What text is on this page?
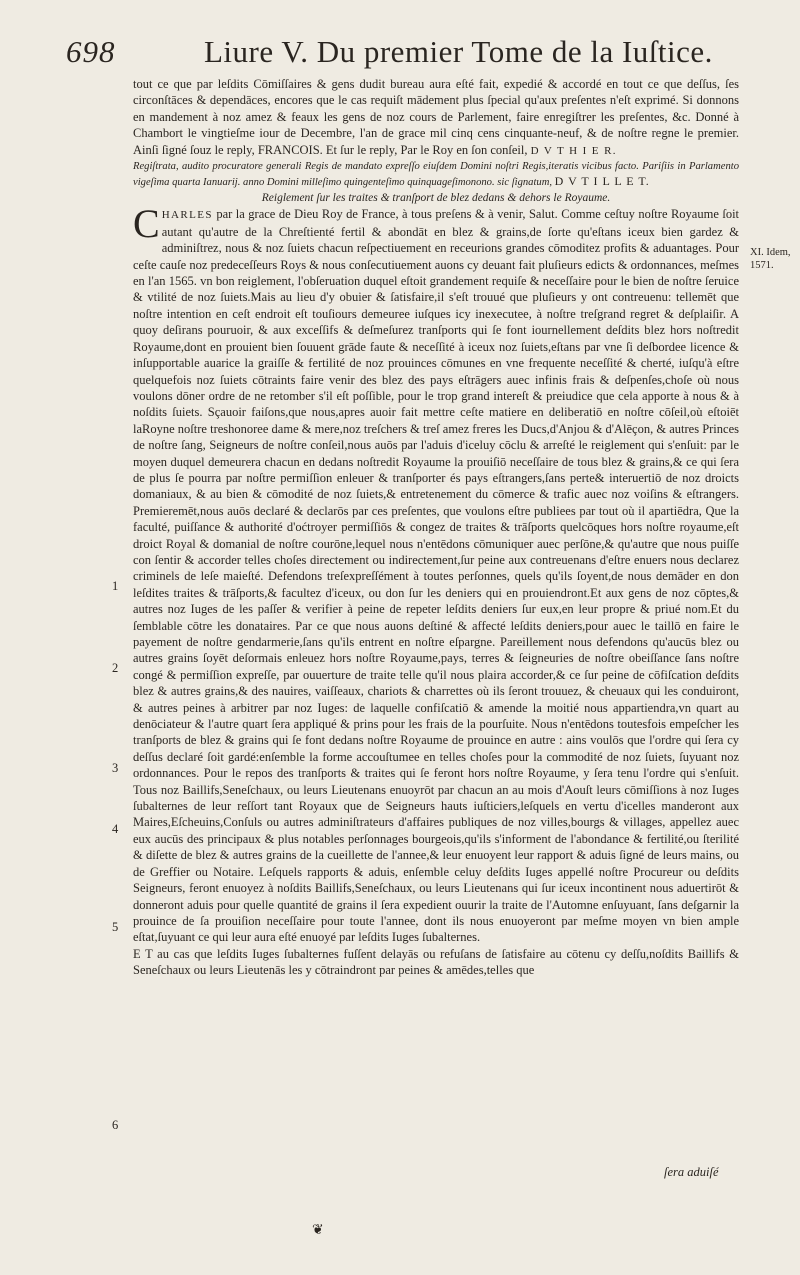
698	Liure V. Du premier Tome de la Iuſtice.
XI. Idem, 1571.
1
2
3
4
5
6

tout ce que par leſdits Cōmiſſaires & gens dudit bureau aura eſté fait, expedié & accordé en tout ce que deſſus, ſes circonſtāces & dependāces, encores que le cas requiſt mādement plus ſpecial qu'aux preſentes n'eſt exprimé. Si donnons en mandement à noz amez & feaux les gens de noz cours de Parlement, faire enregiſtrer les preſentes, &c. Donné à Chambort le vingtieſme iour de Decembre, l'an de grace mil cinq cens cinquante-neuf, & de noſtre regne le premier. Ainſi ſigné ſouz le reply, FRANCOIS. Et ſur le reply, Par le Roy en ſon conſeil, D V T H I E R.

Regiſtrata, audito procuratore generali Regis de mandato expreſſo eiuſdem Domini noſtri Regis,iteratis vicibus facto. Pariſiis in Parlamento vigeſima quarta Ianuarij. anno Domini milleſimo quingenteſimo quinquageſimonono. sic ſignatum, D V T I L L E T.

Reiglement ſur les traites & tranſport de blez dedans & dehors le Royaume.

C HARLES par la grace de Dieu Roy de France, à tous preſens & à venir, Salut. Comme ceſtuy noſtre Royaume ſoit autant qu'autre de la Chreſtienté fertil & abondāt en blez & grains,de ſorte qu'eſtans iceux bien gardez & adminiſtrez, nous & noz ſuiets chacun reſpectiuement en receurions grandes cōmoditez profits & aduantages. Pour ceſte cauſe noz predeceſſeurs Roys & nous conſecutiuement auons cy deuant fait pluſieurs edicts & ordonnances, meſmes en l'an 1565. vn bon reiglement, l'obſeruation duquel eſtoit grandement requiſe & neceſſaire pour le bien de noſtre ſeruice & vtilité de noz ſuiets.Mais au lieu d'y obuier & ſatisfaire,il s'eſt trouué que pluſieurs y ont contreuenu: tellemēt que noſtre intention en ceſt endroit eſt touſiours demeuree iuſques icy inexecutee, à noſtre treſgrand regret & deſplaiſir. A quoy deſirans pouruoir, & aux exceſſifs & deſmeſurez tranſports qui ſe font iournellement deſdits blez hors noſtredit Royaume,dont en prouient bien ſouuent grāde faute & neceſſité à iceux noz ſuiets,eſtans par vne ſi deſbordee licence & inſupportable auarice la graiſſe & fertilité de noz prouinces cōmunes en vne frequente neceſſité & cherté, iuſqu'à eſtre quelquefois noz ſuiets cōtraints faire venir des blez des pays eſtrāgers auec infinis frais & deſpenſes,choſe où nous voulons dōner ordre de ne retomber s'il eſt poſſible, pour le trop grand intereſt & preiudice que cela apporte à nous & à noſdits ſuiets. Sçauoir faiſons,que nous,apres auoir fait mettre ceſte matiere en deliberatiō en noſtre cōſeil,où eſtoiēt laRoyne noſtre treshonoree dame & mere,noz treſchers & treſ amez freres les Ducs,d'Anjou & d'Alēçon, & autres Princes de noſtre ſang, Seigneurs de noſtre conſeil,nous auōs par l'aduis d'iceluy cōclu & arreſté le reiglement qui s'enſuit: par le moyen duquel demeurera chacun en dedans noſtredit Royaume la prouiſiō neceſſaire de tous blez & grains,& ce qui ſera de plus ſe pourra par noſtre permiſſion enleuer & tranſporter és pays eſtrangers,ſans perte& interuertiō de noz droicts domaniaux, & au bien & cōmodité de noz ſuiets,& entretenement du cōmerce & trafic auec noz voiſins & eſtrangers. Premieremēt,nous auōs declaré & declarōs par ces preſentes, que voulons eſtre publiees par tout où il apartiēdra, Que la faculté, puiſſance & authorité d'oćtroyer permiſſiōs & congez de traites & trāſports quelcōques hors noſtre royaume,eſt droict Royal & domanial de noſtre courōne,lequel nous n'entēdons cōmuniquer auec perſōne,& qu'autre que nous puiſſe con ſentir & accorder telles choſes directement ou indirectement,ſur peine aux contreuenans d'eſtre enuers nous declarez criminels de leſe maieſté. Defendons treſexpreſſément à toutes perſonnes, quels qu'ils ſoyent,de nous demāder en don leſdites traites & trāſports,& facultez d'iceux, ou don ſur les deniers qui en prouiendront.Et aux gens de noz cōptes,& autres noz Iuges de les paſſer & verifier à peine de repeter leſdits deniers ſur eux,en leur propre & priué nom.Et du ſemblable cōtre les donataires. Par ce que nous auons deſtiné & affecté leſdits deniers,pour auec le taillō en faire le payement de noſtre gendarmerie,ſans qu'ils entrent en noſtre eſpargne. Pareillement nous defendons qu'aucūs blez ou autres grains ſoyēt deſormais enleuez hors noſtre Royaume,pays, terres & ſeigneuries de noſtre obeiſſance ſans noſtre congé & permiſſion expreſſe, par ouuerture de traite telle qu'il nous plaira accorder,& ce ſur peine de cōfiſcation deſdits blez & autres grains,& des nauires, vaiſſeaux, chariots & charrettes où ils ſeront trouuez, & cheuaux qui les conduiront, & autres peines à arbitrer par noz Iuges: de laquelle confiſcatiō & amende la moitié nous appartiendra,vn quart au denōciateur & l'autre quart ſera appliqué & prins pour les frais de la pourſuite. Nous n'entēdons toutesfois empeſcher les tranſports de blez & grains qui ſe font dedans noſtre Royaume de prouince en autre : ains voulōs que l'ordre qui ſera cy deſſus declaré ſoit gardé:enſemble la forme accouſtumee en telles choſes pour la commodité de noz ſuiets, ſuyuant noz ordonnances. Pour le repos des tranſports & traites qui ſe feront hors noſtre Royaume, y ſera tenu l'ordre qui s'enſuit. Tous noz Baillifs,Seneſchaux, ou leurs Lieutenans enuoyrōt par chacun an au mois d'Aouſt leurs cōmiſſions à noz Iuges ſubalternes de leur reſſort tant Royaux que de Seigneurs hauts iuſticiers,leſquels en vertu d'icelles manderont aux Maires,Eſcheuins,Conſuls ou autres adminiſtrateurs d'affaires publiques de noz villes,bourgs & villages, appellez auec eux aucūs des principaux & plus notables perſonnages bourgeois,qu'ils s'informent de l'abondance & fertilité,ou ſterilité & diſette de blez & autres grains de la cueillette de l'annee,& leur enuoyent leur rapport & aduis ſigné de leurs mains, ou de Greffier ou Notaire. Leſquels rapports & aduis, enſemble celuy deſdits Iuges appellé noſtre Procureur ou deſdits Seigneurs, feront enuoyez à noſdits Baillifs,Seneſchaux, ou leurs Lieutenans qui ſur iceux incontinent nous aduertirōt & donneront aduis pour quelle quantité de grains il ſera expedient ouurir la traite de l'Automne enſuyuant, ſans deſgarnir la prouince de ſa prouiſion neceſſaire pour toute l'annee, dont ils nous enuoyeront par meſme moyen vn bien ample eſtat,ſuyuant ce qui leur aura eſté enuoyé par leſdits Iuges ſubalternes.

E T au cas que leſdits Iuges ſubalternes fuſſent delayās ou refuſans de ſatisfaire au cōtenu cy deſſu,noſdits Baillifs & Seneſchaux ou leurs Lieutenās les y cōtraindront par peines & amēdes,telles que

ſera aduiſé
❦
